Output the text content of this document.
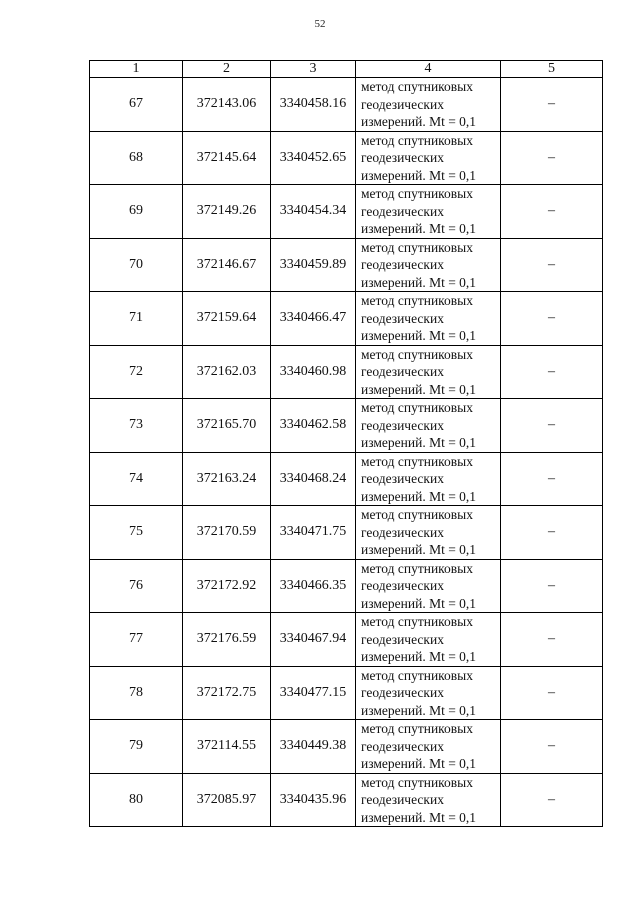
52
1	2	3	4	5
67	372143.06	3340458.16	метод спутниковых
геодезических
измерений. Mt = 0,1	–
68	372145.64	3340452.65	метод спутниковых
геодезических
измерений. Mt = 0,1	–
69	372149.26	3340454.34	метод спутниковых
геодезических
измерений. Mt = 0,1	–
70	372146.67	3340459.89	метод спутниковых
геодезических
измерений. Mt = 0,1	–
71	372159.64	3340466.47	метод спутниковых
геодезических
измерений. Mt = 0,1	–
72	372162.03	3340460.98	метод спутниковых
геодезических
измерений. Mt = 0,1	–
73	372165.70	3340462.58	метод спутниковых
геодезических
измерений. Mt = 0,1	–
74	372163.24	3340468.24	метод спутниковых
геодезических
измерений. Mt = 0,1	–
75	372170.59	3340471.75	метод спутниковых
геодезических
измерений. Mt = 0,1	–
76	372172.92	3340466.35	метод спутниковых
геодезических
измерений. Mt = 0,1	–
77	372176.59	3340467.94	метод спутниковых
геодезических
измерений. Mt = 0,1	–
78	372172.75	3340477.15	метод спутниковых
геодезических
измерений. Mt = 0,1	–
79	372114.55	3340449.38	метод спутниковых
геодезических
измерений. Mt = 0,1	–
80	372085.97	3340435.96	метод спутниковых
геодезических
измерений. Mt = 0,1	–
